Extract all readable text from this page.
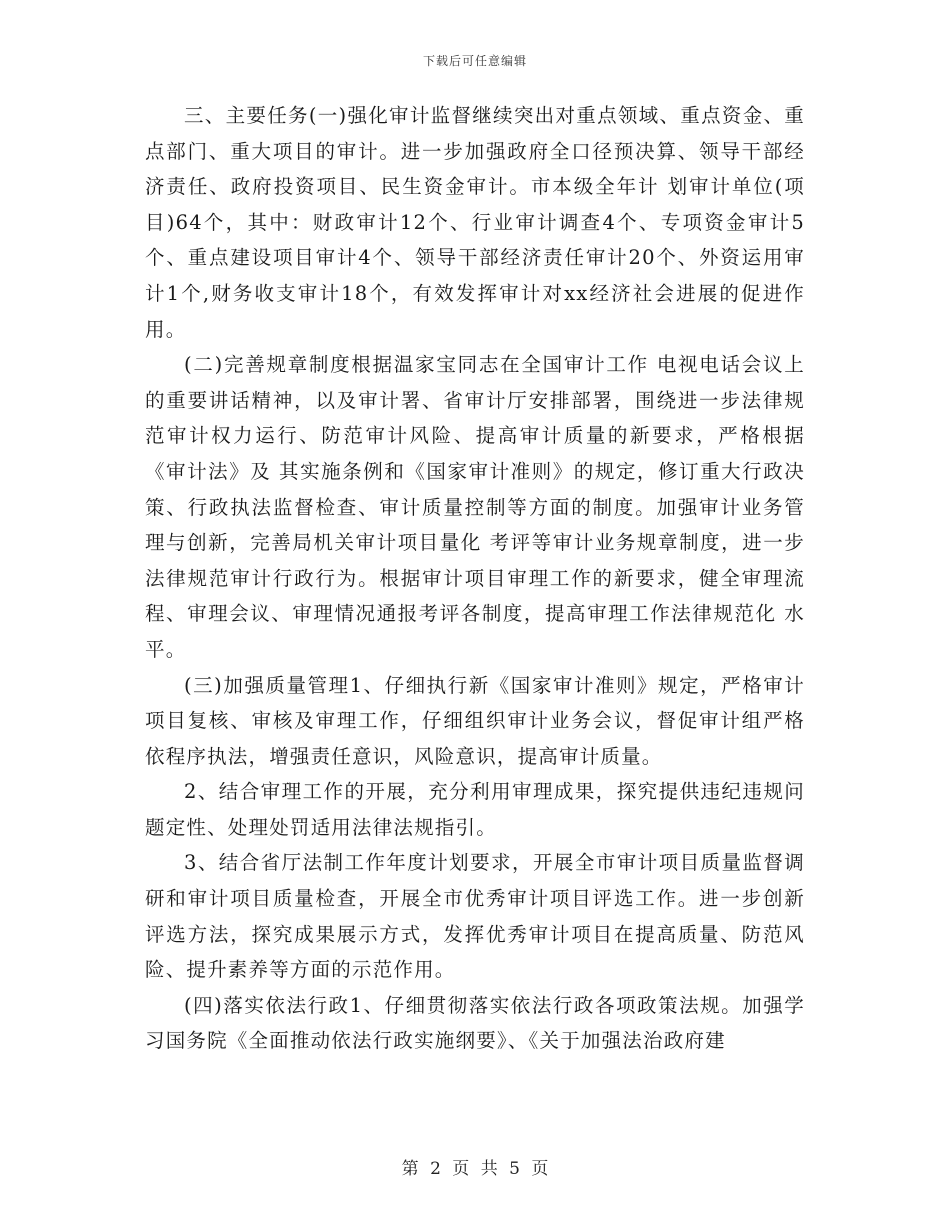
下载后可任意编辑

三、主要任务(一)强化审计监督继续突出对重点领域、重点资金、重点部门、重大项目的审计。进一步加强政府全口径预决算、领导干部经济责任、政府投资项目、民生资金审计。市本级全年计 划审计单位(项目)64个，其中：财政审计12个、行业审计调查4个、专项资金审计5个、重点建设项目审计4个、领导干部经济责任审计20个、外资运用审 计1个,财务收支审计18个，有效发挥审计对xx经济社会进展的促进作用。

(二)完善规章制度根据温家宝同志在全国审计工作 电视电话会议上的重要讲话精神，以及审计署、省审计厅安排部署，围绕进一步法律规范审计权力运行、防范审计风险、提高审计质量的新要求，严格根据《审计法》及 其实施条例和《国家审计准则》的规定，修订重大行政决策、行政执法监督检查、审计质量控制等方面的制度。加强审计业务管理与创新，完善局机关审计项目量化 考评等审计业务规章制度，进一步法律规范审计行政行为。根据审计项目审理工作的新要求，健全审理流程、审理会议、审理情况通报考评各制度，提高审理工作法律规范化 水平。

(三)加强质量管理1、仔细执行新《国家审计准则》规定，严格审计项目复核、审核及审理工作，仔细组织审计业务会议，督促审计组严格依程序执法，增强责任意识，风险意识，提高审计质量。

2、结合审理工作的开展，充分利用审理成果，探究提供违纪违规问题定性、处理处罚适用法律法规指引。

3、结合省厅法制工作年度计划要求，开展全市审计项目质量监督调研和审计项目质量检查，开展全市优秀审计项目评选工作。进一步创新评选方法，探究成果展示方式，发挥优秀审计项目在提高质量、防范风险、提升素养等方面的示范作用。

(四)落实依法行政1、仔细贯彻落实依法行政各项政策法规。加强学习国务院《全面推动依法行政实施纲要》、《关于加强法治政府建

第 2 页 共 5 页
